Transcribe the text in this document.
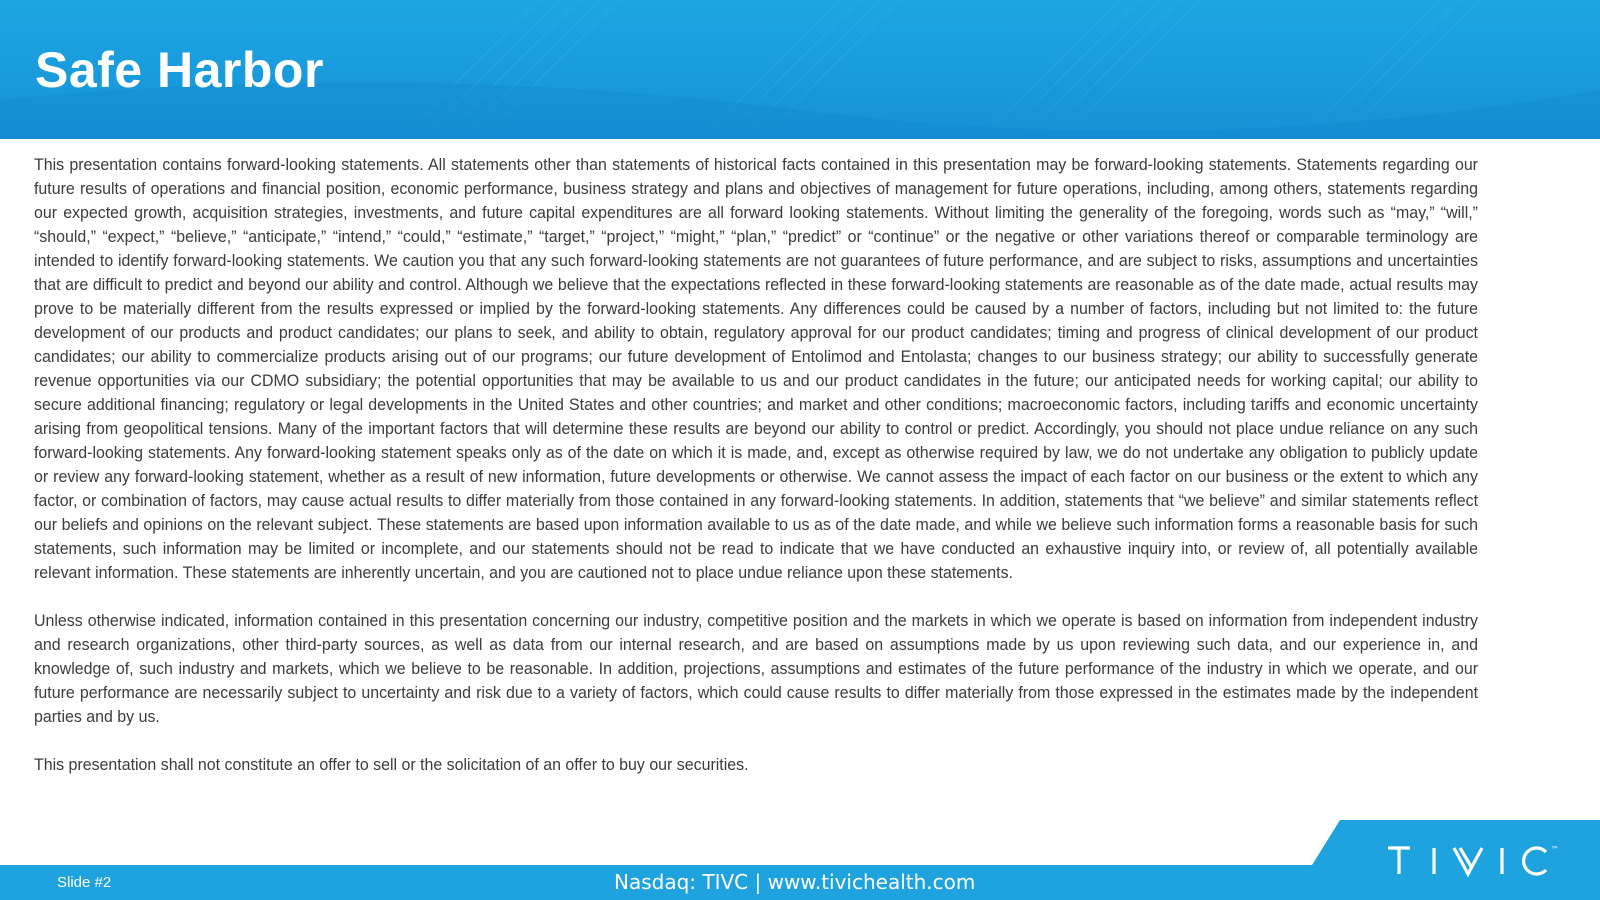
Safe Harbor

This presentation contains forward-looking statements. All statements other than statements of historical facts contained in this presentation may be forward-looking statements. Statements regarding our future results of operations and financial position, economic performance, business strategy and plans and objectives of management for future operations, including, among others, statements regarding our expected growth, acquisition strategies, investments, and future capital expenditures are all forward looking statements. Without limiting the generality of the foregoing, words such as “may,” “will,” “should,” “expect,” “believe,” “anticipate,” “intend,” “could,” “estimate,” “target,” “project,” “might,” “plan,” “predict” or “continue” or the negative or other variations thereof or comparable terminology are intended to identify forward-looking statements. We caution you that any such forward-looking statements are not guarantees of future performance, and are subject to risks, assumptions and uncertainties that are difficult to predict and beyond our ability and control. Although we believe that the expectations reflected in these forward-looking statements are reasonable as of the date made, actual results may prove to be materially different from the results expressed or implied by the forward-looking statements. Any differences could be caused by a number of factors, including but not limited to: the future development of our products and product candidates; our plans to seek, and ability to obtain, regulatory approval for our product candidates; timing and progress of clinical development of our product candidates; our ability to commercialize products arising out of our programs; our future development of Entolimod and Entolasta; changes to our business strategy; our ability to successfully generate revenue opportunities via our CDMO subsidiary; the potential opportunities that may be available to us and our product candidates in the future; our anticipated needs for working capital; our ability to secure additional financing; regulatory or legal developments in the United States and other countries; and market and other conditions; macroeconomic factors, including tariffs and economic uncertainty arising from geopolitical tensions. Many of the important factors that will determine these results are beyond our ability to control or predict. Accordingly, you should not place undue reliance on any such forward-looking statements. Any forward-looking statement speaks only as of the date on which it is made, and, except as otherwise required by law, we do not undertake any obligation to publicly update or review any forward-looking statement, whether as a result of new information, future developments or otherwise. We cannot assess the impact of each factor on our business or the extent to which any factor, or combination of factors, may cause actual results to differ materially from those contained in any forward-looking statements. In addition, statements that “we believe” and similar statements reflect our beliefs and opinions on the relevant subject. These statements are based upon information available to us as of the date made, and while we believe such information forms a reasonable basis for such statements, such information may be limited or incomplete, and our statements should not be read to indicate that we have conducted an exhaustive inquiry into, or review of, all potentially available relevant information. These statements are inherently uncertain, and you are cautioned not to place undue reliance upon these statements.

Unless otherwise indicated, information contained in this presentation concerning our industry, competitive position and the markets in which we operate is based on information from independent industry and research organizations, other third-party sources, as well as data from our internal research, and are based on assumptions made by us upon reviewing such data, and our experience in, and knowledge of, such industry and markets, which we believe to be reasonable. In addition, projections, assumptions and estimates of the future performance of the industry in which we operate, and our future performance are necessarily subject to uncertainty and risk due to a variety of factors, which could cause results to differ materially from those expressed in the estimates made by the independent parties and by us.

This presentation shall not constitute an offer to sell or the solicitation of an offer to buy our securities.

Slide #2	Nasdaq: TIVC | www.tivichealth.com
™
